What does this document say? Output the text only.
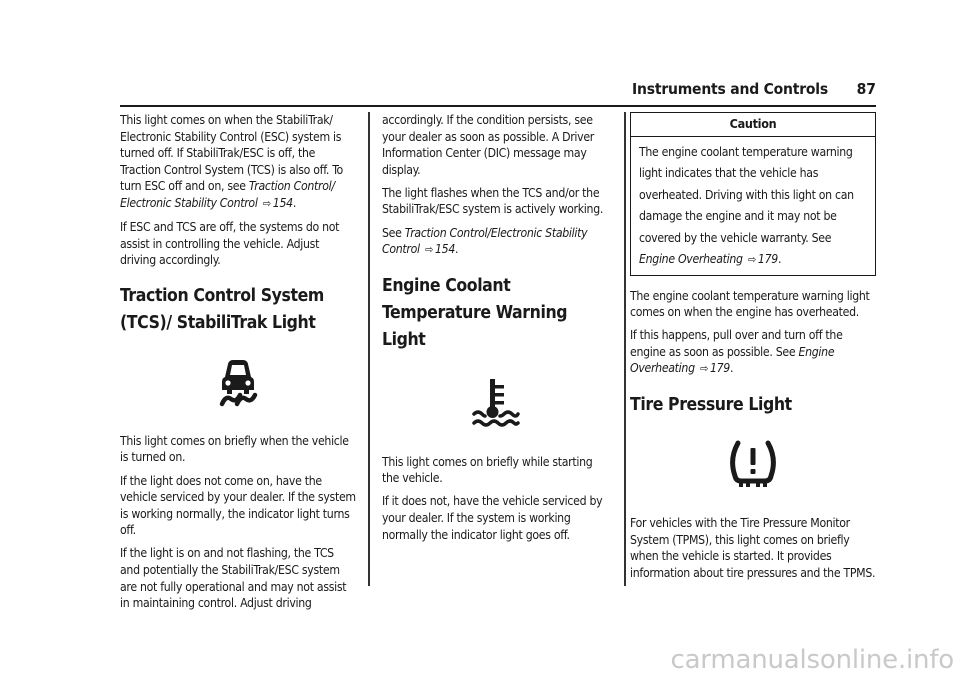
Instruments and Controls 87

This light comes on when the StabiliTrak/ Electronic Stability Control (ESC) system is turned off. If StabiliTrak/ESC is off, the Traction Control System (TCS) is also off. To turn ESC off and on, see Traction Control/ Electronic Stability Control ⇨ 154.

If ESC and TCS are off, the systems do not assist in controlling the vehicle. Adjust driving accordingly.

Traction Control System (TCS)/ StabiliTrak Light

This light comes on briefly when the vehicle is turned on.

If the light does not come on, have the vehicle serviced by your dealer. If the system is working normally, the indicator light turns off.

If the light is on and not flashing, the TCS and potentially the StabiliTrak/ESC system are not fully operational and may not assist in maintaining control. Adjust driving

accordingly. If the condition persists, see your dealer as soon as possible. A Driver Information Center (DIC) message may display.

The light flashes when the TCS and/or the StabiliTrak/ESC system is actively working.

See Traction Control/Electronic Stability Control ⇨ 154.

Engine Coolant Temperature Warning Light

This light comes on briefly while starting the vehicle.

If it does not, have the vehicle serviced by your dealer. If the system is working normally the indicator light goes off.

Caution
The engine coolant temperature warning light indicates that the vehicle has overheated. Driving with this light on can damage the engine and it may not be covered by the vehicle warranty. See Engine Overheating ⇨ 179.

The engine coolant temperature warning light comes on when the engine has overheated.

If this happens, pull over and turn off the engine as soon as possible. See Engine Overheating ⇨ 179.

Tire Pressure Light

For vehicles with the Tire Pressure Monitor System (TPMS), this light comes on briefly when the vehicle is started. It provides information about tire pressures and the TPMS.

carmanualsonline.info
